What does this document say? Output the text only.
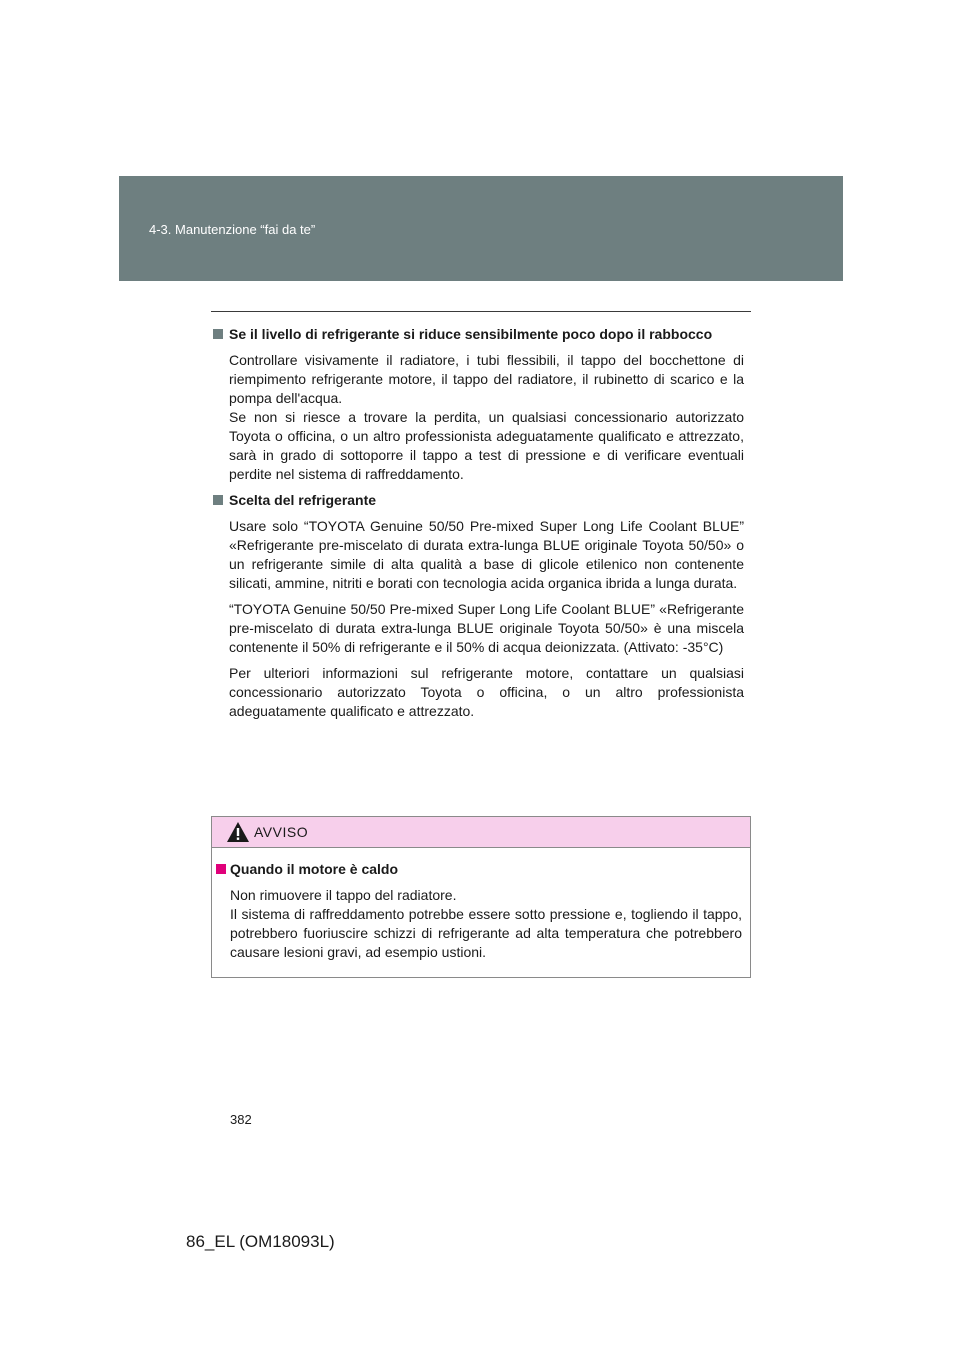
4-3. Manutenzione “fai da te”
Se il livello di refrigerante si riduce sensibilmente poco dopo il rabbocco
Controllare visivamente il radiatore, i tubi flessibili, il tappo del bocchettone di riempimento refrigerante motore, il tappo del radiatore, il rubinetto di scarico e la pompa dell'acqua.
Se non si riesce a trovare la perdita, un qualsiasi concessionario autorizzato Toyota o officina, o un altro professionista adeguatamente qualificato e attrezzato, sarà in grado di sottoporre il tappo a test di pressione e di verificare eventuali perdite nel sistema di raffreddamento.
Scelta del refrigerante
Usare solo “TOYOTA Genuine 50/50 Pre-mixed Super Long Life Coolant BLUE” «Refrigerante pre-miscelato di durata extra-lunga BLUE originale Toyota 50/50» o un refrigerante simile di alta qualità a base di glicole etilenico non contenente silicati, ammine, nitriti e borati con tecnologia acida organica ibrida a lunga durata.
“TOYOTA Genuine 50/50 Pre-mixed Super Long Life Coolant BLUE” «Refrigerante pre-miscelato di durata extra-lunga BLUE originale Toyota 50/50» è una miscela contenente il 50% di refrigerante e il 50% di acqua deionizzata. (Attivato: -35°C)
Per ulteriori informazioni sul refrigerante motore, contattare un qualsiasi concessionario autorizzato Toyota o officina, o un altro professionista adeguatamente qualificato e attrezzato.
AVVISO
Quando il motore è caldo
Non rimuovere il tappo del radiatore.
Il sistema di raffreddamento potrebbe essere sotto pressione e, togliendo il tappo, potrebbero fuoriuscire schizzi di refrigerante ad alta temperatura che potrebbero causare lesioni gravi, ad esempio ustioni.
382
86_EL (OM18093L)
